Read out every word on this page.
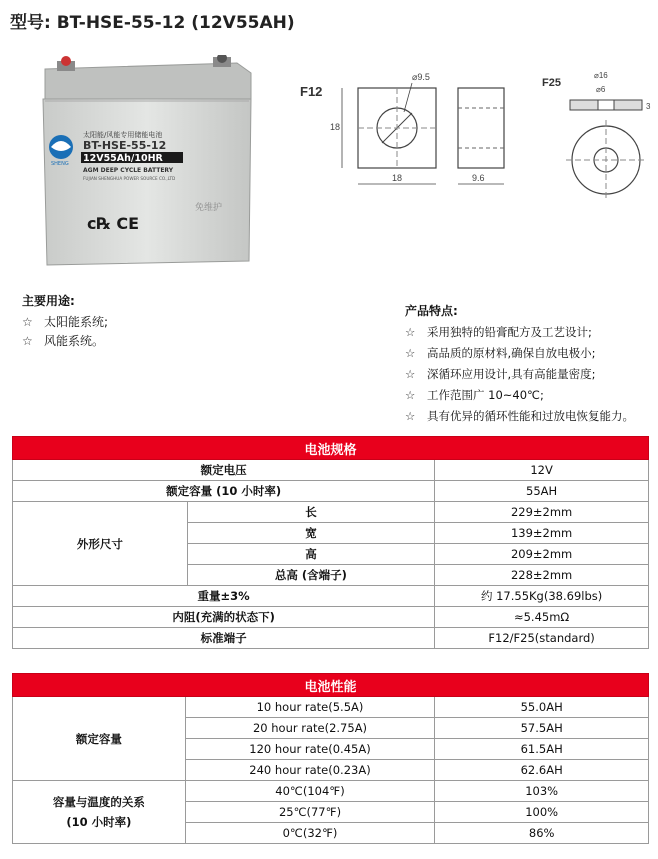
型号: BT-HSE-55-12 (12V55AH)
SHENG
太阳能/风能专用储能电池
BT-HSE-55-12
12V55Ah/10HR
AGM DEEP CYCLE BATTERY
FUJIAN SHENGHUA POWER SOURCE CO.,LTD
免维护
c℞ CE
F12
⌀9.5
18
18	9.6
F25
⌀16
⌀6
3
主要用途:
☆ 太阳能系统;
☆ 风能系统。
产品特点:
☆ 采用独特的铅膏配方及工艺设计;
☆ 高品质的原材料,确保自放电极小;
☆ 深循环应用设计,具有高能量密度;
☆ 工作范围广 10~40℃;
☆ 具有优异的循环性能和过放电恢复能力。
电池规格		
额定电压		12V
额定容量 (10 小时率)		55AH
外形尺寸	长	229±2mm
	宽	139±2mm
	高	209±2mm
	总高 (含端子)	228±2mm
重量±3%		约 17.55Kg(38.69lbs)
内阻(充满的状态下)		≈5.45mΩ
标准端子		F12/F25(standard)
电池性能		
额定容量	10 hour rate(5.5A)	55.0AH
	20 hour rate(2.75A)	57.5AH
	120 hour rate(0.45A)	61.5AH
	240 hour rate(0.23A)	62.6AH

容量与温度的关系
(10 小时率)	40℃(104℉)	103%
	25℃(77℉)	100%
	0℃(32℉)	86%
